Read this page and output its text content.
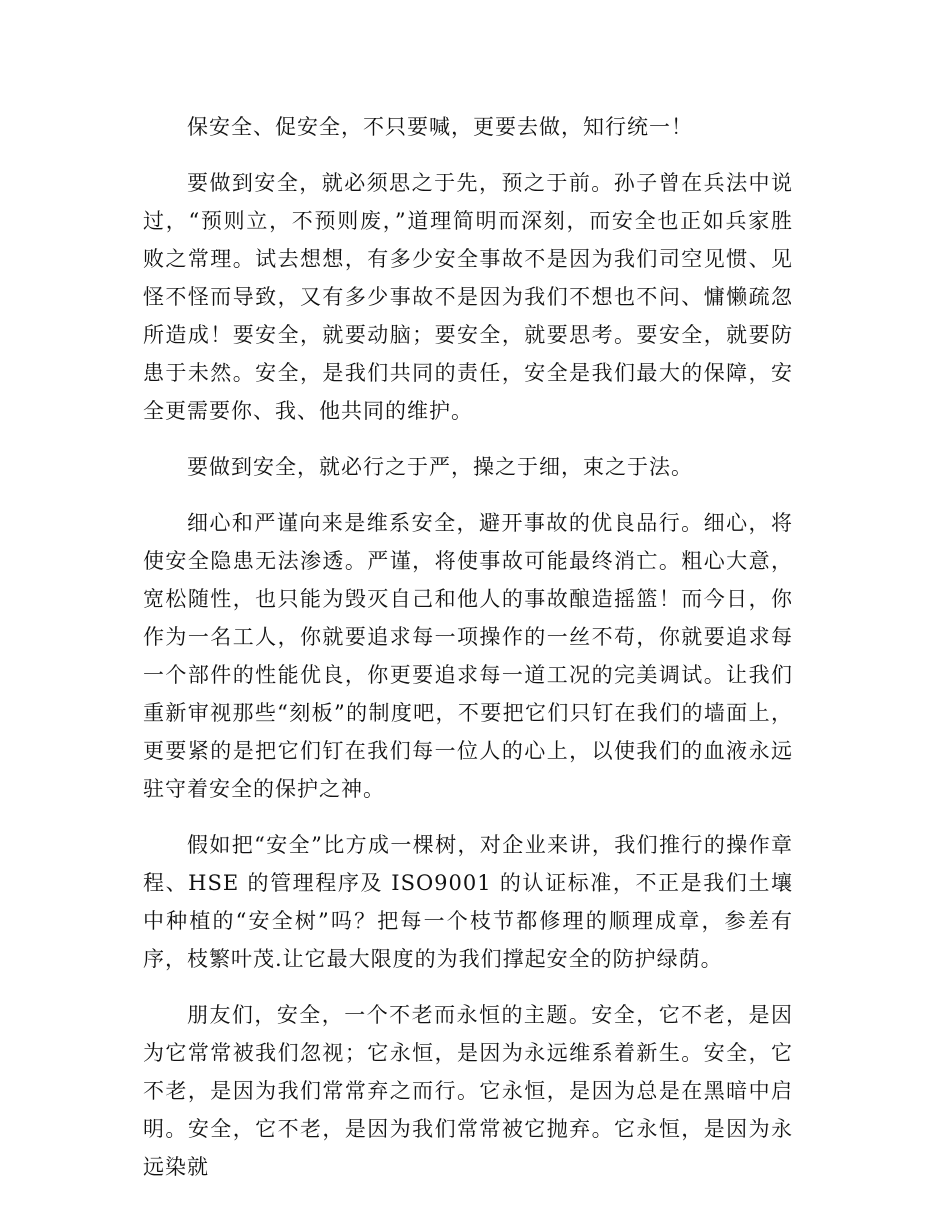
保安全、促安全，不只要喊，更要去做，知行统一！

要做到安全，就必须思之于先，预之于前。孙子曾在兵法中说过，“预则立，不预则废，”道理简明而深刻，而安全也正如兵家胜败之常理。试去想想，有多少安全事故不是因为我们司空见惯、见怪不怪而导致，又有多少事故不是因为我们不想也不问、慵懒疏忽所造成！要安全，就要动脑；要安全，就要思考。要安全，就要防患于未然。安全，是我们共同的责任，安全是我们最大的保障，安全更需要你、我、他共同的维护。

要做到安全，就必行之于严，操之于细，束之于法。

细心和严谨向来是维系安全，避开事故的优良品行。细心，将使安全隐患无法渗透。严谨，将使事故可能最终消亡。粗心大意，宽松随性，也只能为毁灭自己和他人的事故酿造摇篮！而今日，你作为一名工人，你就要追求每一项操作的一丝不苟，你就要追求每一个部件的性能优良，你更要追求每一道工况的完美调试。让我们重新审视那些“刻板”的制度吧，不要把它们只钉在我们的墙面上，更要紧的是把它们钉在我们每一位人的心上，以使我们的血液永远驻守着安全的保护之神。

假如把“安全”比方成一棵树，对企业来讲，我们推行的操作章程、HSE 的管理程序及 ISO9001 的认证标准，不正是我们土壤中种植的“安全树”吗？把每一个枝节都修理的顺理成章，参差有序，枝繁叶茂.让它最大限度的为我们撑起安全的防护绿荫。

朋友们，安全，一个不老而永恒的主题。安全，它不老，是因为它常常被我们忽视；它永恒，是因为永远维系着新生。安全，它不老，是因为我们常常弃之而行。它永恒，是因为总是在黑暗中启明。安全，它不老，是因为我们常常被它抛弃。它永恒，是因为永远染就
